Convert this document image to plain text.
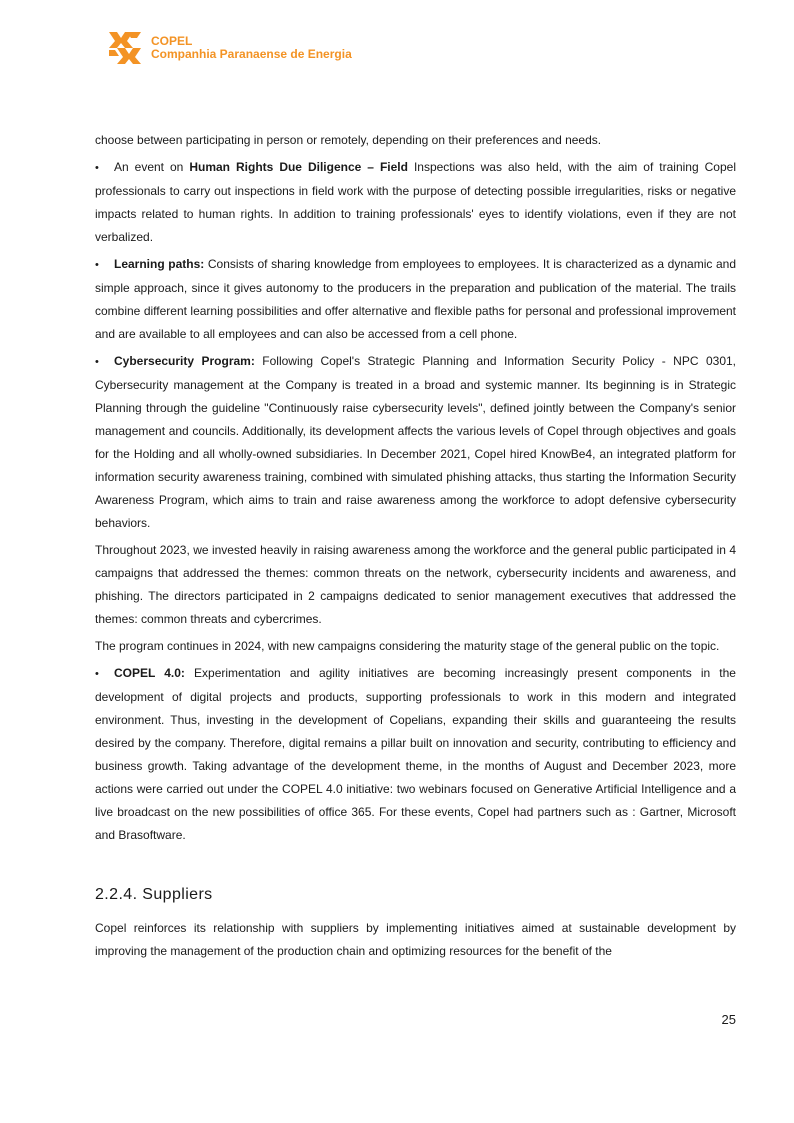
COPEL
Companhia Paranaense de Energia

choose between participating in person or remotely, depending on their preferences and needs.

• An event on Human Rights Due Diligence – Field Inspections was also held, with the aim of training Copel professionals to carry out inspections in field work with the purpose of detecting possible irregularities, risks or negative impacts related to human rights. In addition to training professionals' eyes to identify violations, even if they are not verbalized.

• Learning paths: Consists of sharing knowledge from employees to employees. It is characterized as a dynamic and simple approach, since it gives autonomy to the producers in the preparation and publication of the material. The trails combine different learning possibilities and offer alternative and flexible paths for personal and professional improvement and are available to all employees and can also be accessed from a cell phone.

• Cybersecurity Program: Following Copel's Strategic Planning and Information Security Policy - NPC 0301, Cybersecurity management at the Company is treated in a broad and systemic manner. Its beginning is in Strategic Planning through the guideline "Continuously raise cybersecurity levels", defined jointly between the Company's senior management and councils. Additionally, its development affects the various levels of Copel through objectives and goals for the Holding and all wholly-owned subsidiaries. In December 2021, Copel hired KnowBe4, an integrated platform for information security awareness training, combined with simulated phishing attacks, thus starting the Information Security Awareness Program, which aims to train and raise awareness among the workforce to adopt defensive cybersecurity behaviors.

Throughout 2023, we invested heavily in raising awareness among the workforce and the general public participated in 4 campaigns that addressed the themes: common threats on the network, cybersecurity incidents and awareness, and phishing. The directors participated in 2 campaigns dedicated to senior management executives that addressed the themes: common threats and cybercrimes.

The program continues in 2024, with new campaigns considering the maturity stage of the general public on the topic.

• COPEL 4.0: Experimentation and agility initiatives are becoming increasingly present components in the development of digital projects and products, supporting professionals to work in this modern and integrated environment. Thus, investing in the development of Copelians, expanding their skills and guaranteeing the results desired by the company. Therefore, digital remains a pillar built on innovation and security, contributing to efficiency and business growth. Taking advantage of the development theme, in the months of August and December 2023, more actions were carried out under the COPEL 4.0 initiative: two webinars focused on Generative Artificial Intelligence and a live broadcast on the new possibilities of office 365. For these events, Copel had partners such as : Gartner, Microsoft and Brasoftware.

2.2.4. Suppliers

Copel reinforces its relationship with suppliers by implementing initiatives aimed at sustainable development by improving the management of the production chain and optimizing resources for the benefit of the

25
